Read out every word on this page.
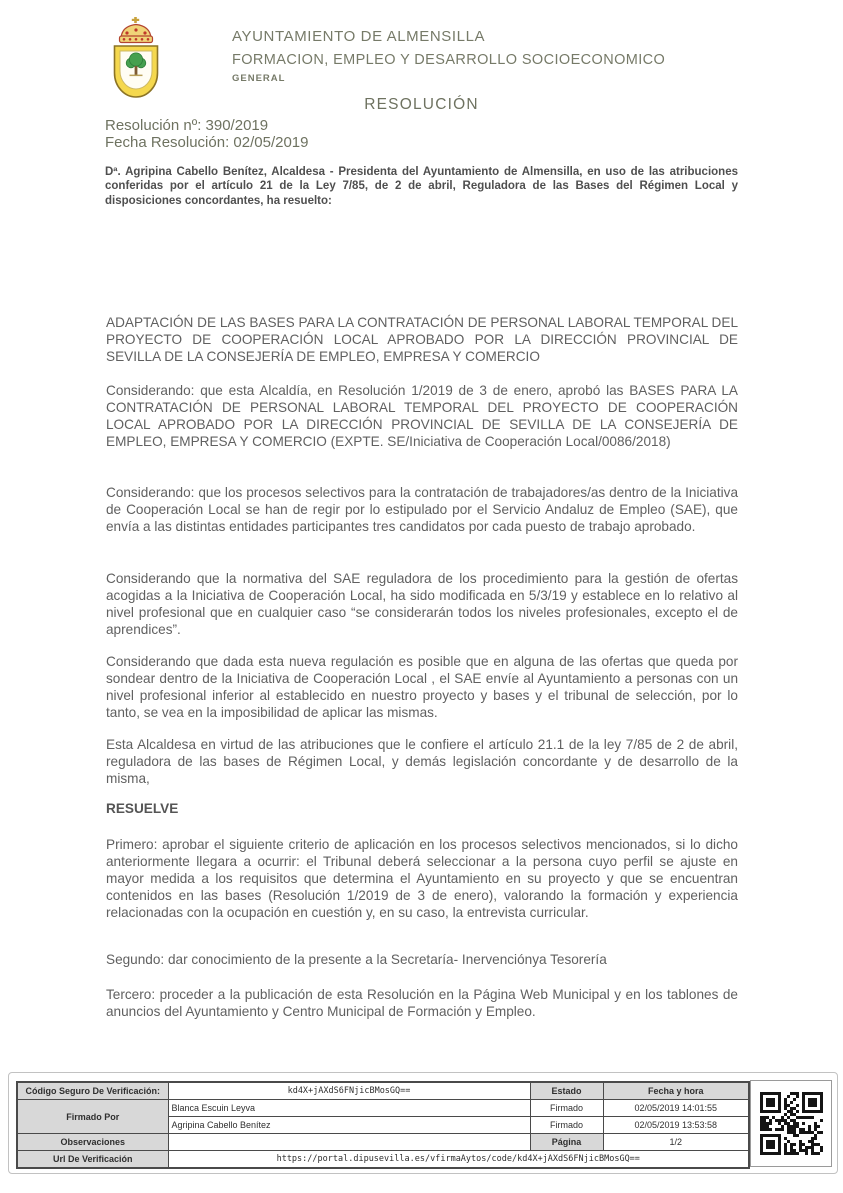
AYUNTAMIENTO DE ALMENSILLA
FORMACION, EMPLEO Y DESARROLLO SOCIOECONOMICO
GENERAL
RESOLUCIÓN
Resolución nº: 390/2019
Fecha Resolución: 02/05/2019

Dª. Agripina Cabello Benítez, Alcaldesa - Presidenta del Ayuntamiento de Almensilla, en uso de las atribuciones conferidas por el artículo 21 de la Ley 7/85, de 2 de abril, Reguladora de las Bases del Régimen Local y disposiciones concordantes, ha resuelto:

ADAPTACIÓN DE LAS BASES PARA LA CONTRATACIÓN DE PERSONAL LABORAL TEMPORAL DEL PROYECTO DE COOPERACIÓN LOCAL APROBADO POR LA DIRECCIÓN PROVINCIAL DE SEVILLA DE LA CONSEJERÍA DE EMPLEO, EMPRESA Y COMERCIO

Considerando: que esta Alcaldía, en Resolución 1/2019 de 3 de enero, aprobó las BASES PARA LA CONTRATACIÓN DE PERSONAL LABORAL TEMPORAL DEL PROYECTO DE COOPERACIÓN LOCAL APROBADO POR LA DIRECCIÓN PROVINCIAL DE SEVILLA DE LA CONSEJERÍA DE EMPLEO, EMPRESA Y COMERCIO (EXPTE. SE/Iniciativa de Cooperación Local/0086/2018)

Considerando: que los procesos selectivos para la contratación de trabajadores/as dentro de la Iniciativa de Cooperación Local se han de regir por lo estipulado por el Servicio Andaluz de Empleo (SAE), que envía a las distintas entidades participantes tres candidatos por cada puesto de trabajo aprobado.

Considerando que la normativa del SAE reguladora de los procedimiento para la gestión de ofertas acogidas a la Iniciativa de Cooperación Local, ha sido modificada en 5/3/19 y establece en lo relativo al nivel profesional que en cualquier caso “se considerarán todos los niveles profesionales, excepto el de aprendices”.

Considerando que dada esta nueva regulación es posible que en alguna de las ofertas que queda por sondear dentro de la Iniciativa de Cooperación Local , el SAE envíe al Ayuntamiento a personas con un nivel profesional inferior al establecido en nuestro proyecto y bases y el tribunal de selección, por lo tanto, se vea en la imposibilidad de aplicar las mismas.

Esta Alcaldesa en virtud de las atribuciones que le confiere el artículo 21.1 de la ley 7/85 de 2 de abril, reguladora de las bases de Régimen Local, y demás legislación concordante y de desarrollo de la misma,

RESUELVE

Primero: aprobar el siguiente criterio de aplicación en los procesos selectivos mencionados, si lo dicho anteriormente llegara a ocurrir: el Tribunal deberá seleccionar a la persona cuyo perfil se ajuste en mayor medida a los requisitos que determina el Ayuntamiento en su proyecto y que se encuentran contenidos en las bases (Resolución 1/2019 de 3 de enero), valorando la formación y experiencia relacionadas con la ocupación en cuestión y, en su caso, la entrevista curricular.

Segundo: dar conocimiento de la presente a la Secretaría- Inervenciónya Tesorería

Tercero: proceder a la publicación de esta Resolución en la Página Web Municipal y en los tablones de anuncios del Ayuntamiento y Centro Municipal de Formación y Empleo.

Código Seguro De Verificación:	kd4X+jAXdS6FNjicBMosGQ==	Estado	Fecha y hora
Firmado Por	Blanca Escuin Leyva	Firmado	02/05/2019 14:01:55
	Agripina Cabello Benítez	Firmado	02/05/2019 13:53:58
Observaciones		Página	1/2
Url De Verificación	https://portal.dipusevilla.es/vfirmaAytos/code/kd4X+jAXdS6FNjicBMosGQ==		
